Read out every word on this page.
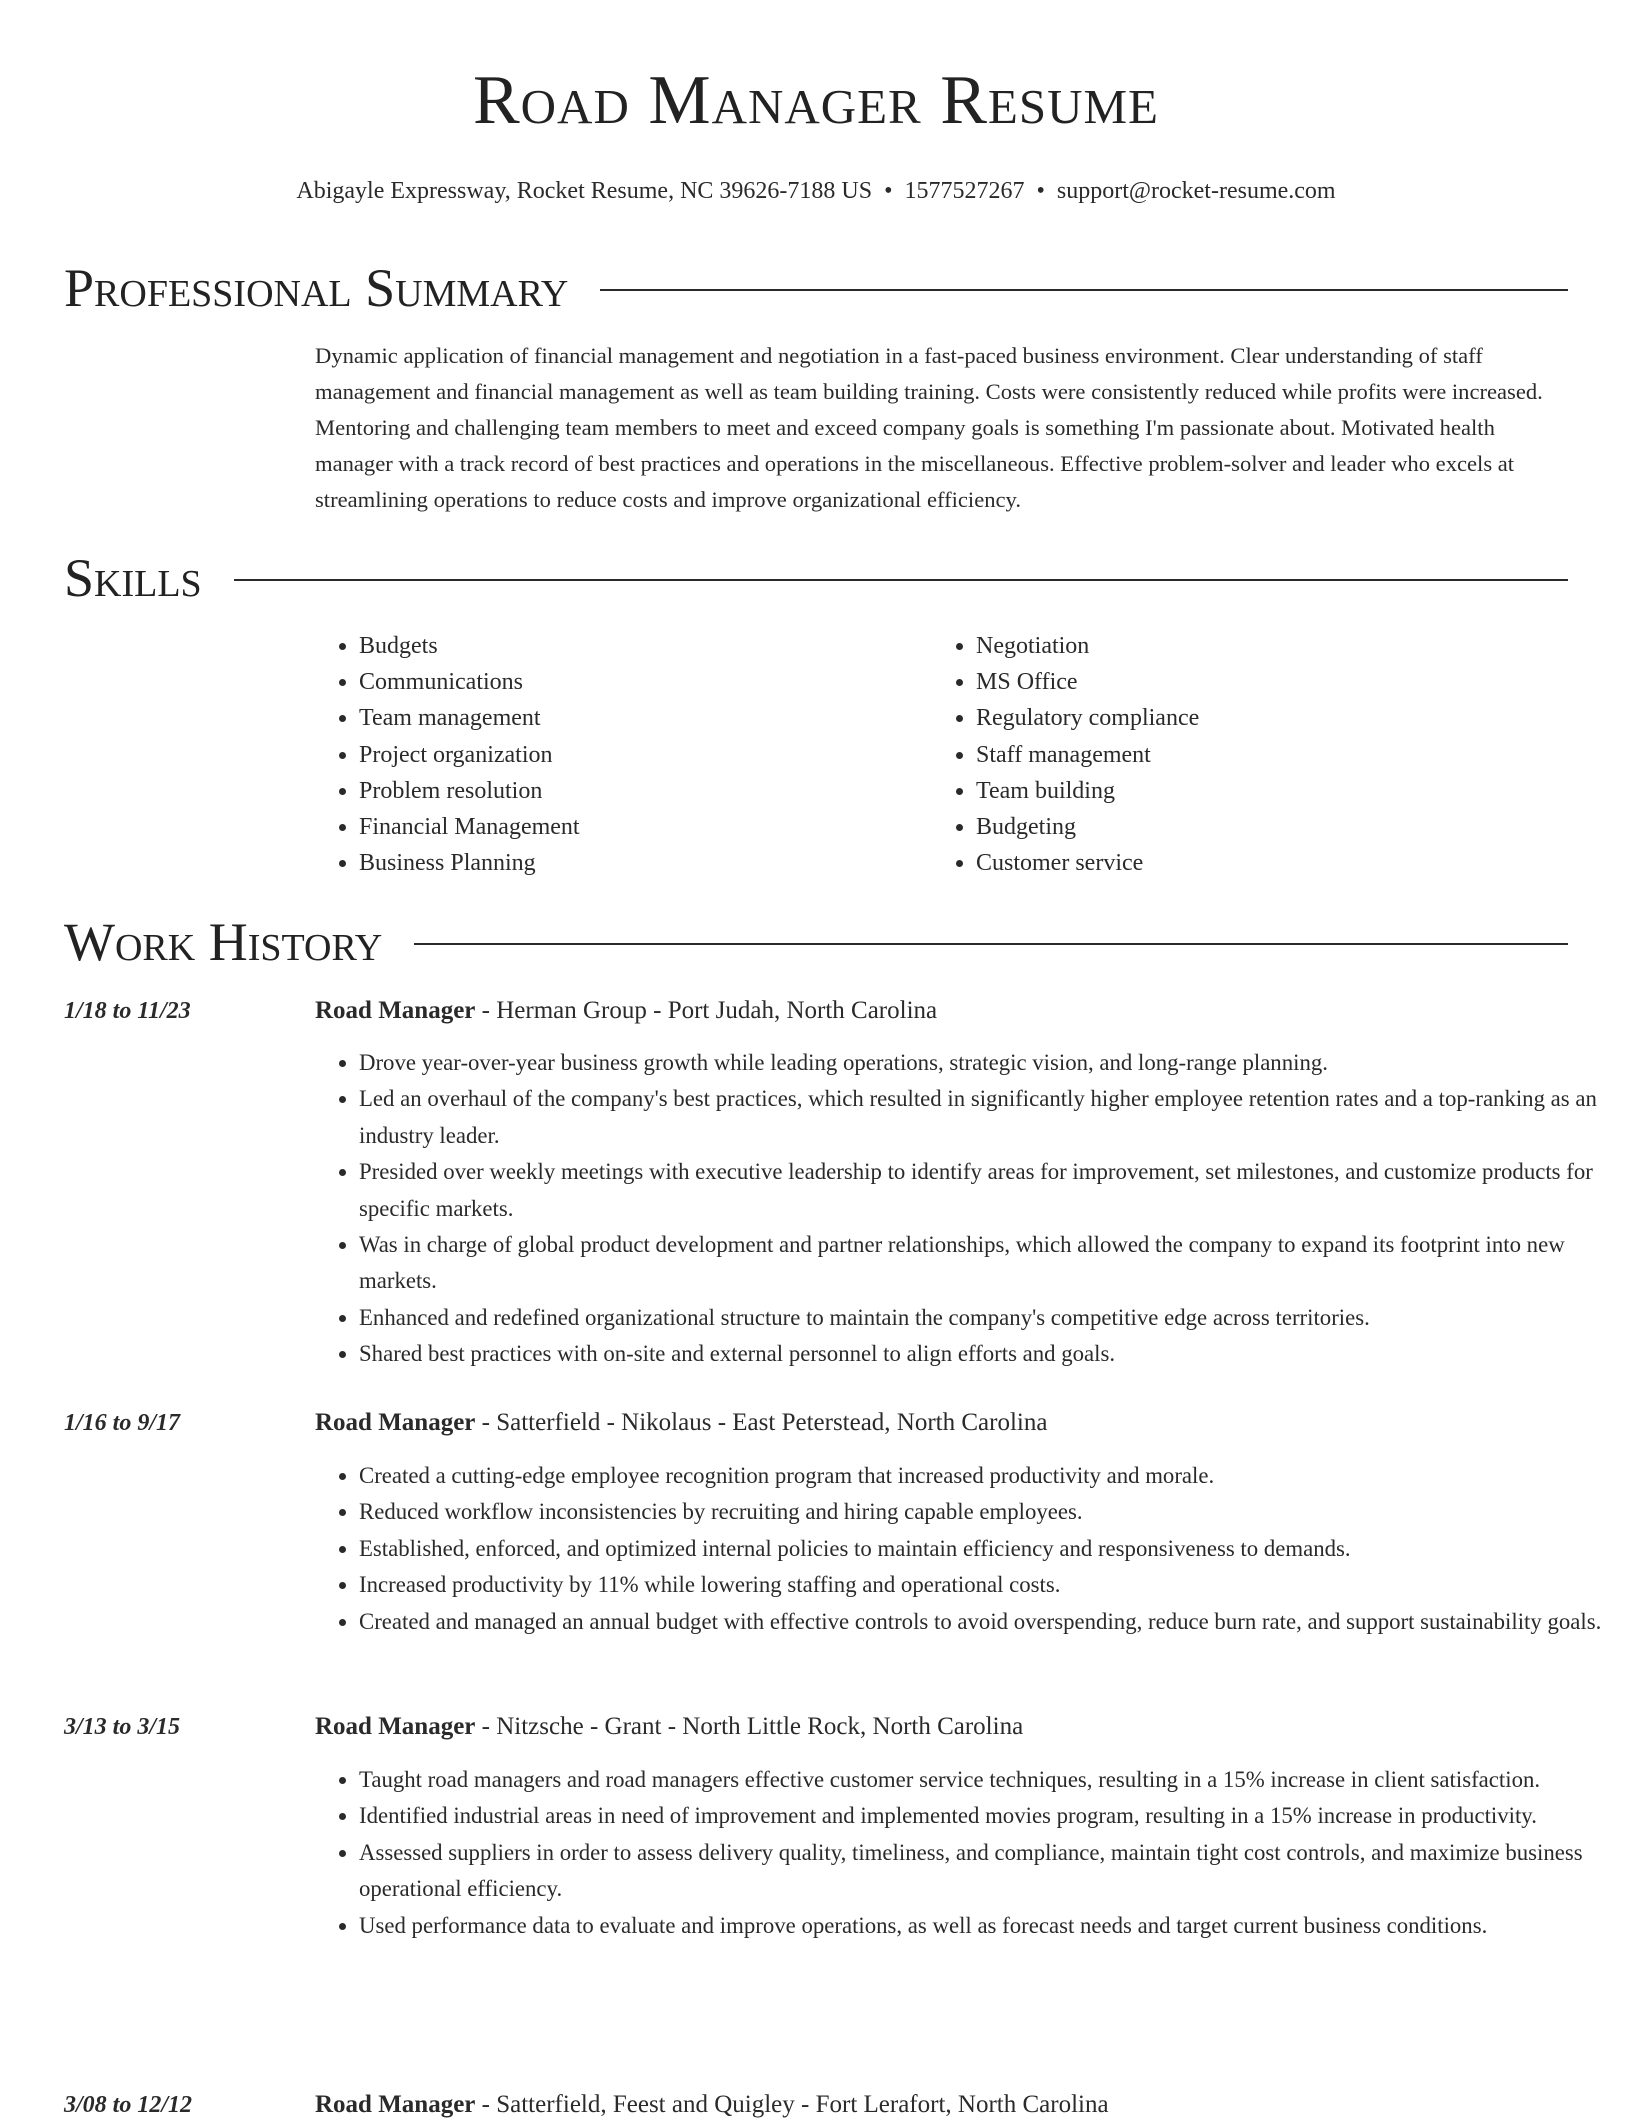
Road Manager Resume
Abigayle Expressway, Rocket Resume, NC 39626-7188 US • 1577527267 • support@rocket-resume.com
Professional Summary
Dynamic application of financial management and negotiation in a fast-paced business environment. Clear understanding of staff management and financial management as well as team building training. Costs were consistently reduced while profits were increased. Mentoring and challenging team members to meet and exceed company goals is something I'm passionate about. Motivated health manager with a track record of best practices and operations in the miscellaneous. Effective problem-solver and leader who excels at streamlining operations to reduce costs and improve organizational efficiency.
Skills
• Budgets
• Communications
• Team management
• Project organization
• Problem resolution
• Financial Management
• Business Planning
• Negotiation
• MS Office
• Regulatory compliance
• Staff management
• Team building
• Budgeting
• Customer service
Work History
1/18 to 11/23	Road Manager - Herman Group - Port Judah, North Carolina
• Drove year-over-year business growth while leading operations, strategic vision, and long-range planning.
• Led an overhaul of the company's best practices, which resulted in significantly higher employee retention rates and a top-ranking as an industry leader.
• Presided over weekly meetings with executive leadership to identify areas for improvement, set milestones, and customize products for specific markets.
• Was in charge of global product development and partner relationships, which allowed the company to expand its footprint into new markets.
• Enhanced and redefined organizational structure to maintain the company's competitive edge across territories.
• Shared best practices with on-site and external personnel to align efforts and goals.
1/16 to 9/17	Road Manager - Satterfield - Nikolaus - East Peterstead, North Carolina
• Created a cutting-edge employee recognition program that increased productivity and morale.
• Reduced workflow inconsistencies by recruiting and hiring capable employees.
• Established, enforced, and optimized internal policies to maintain efficiency and responsiveness to demands.
• Increased productivity by 11% while lowering staffing and operational costs.
• Created and managed an annual budget with effective controls to avoid overspending, reduce burn rate, and support sustainability goals.
3/13 to 3/15	Road Manager - Nitzsche - Grant - North Little Rock, North Carolina
• Taught road managers and road managers effective customer service techniques, resulting in a 15% increase in client satisfaction.
• Identified industrial areas in need of improvement and implemented movies program, resulting in a 15% increase in productivity.
• Assessed suppliers in order to assess delivery quality, timeliness, and compliance, maintain tight cost controls, and maximize business operational efficiency.
• Used performance data to evaluate and improve operations, as well as forecast needs and target current business conditions.
3/08 to 12/12	Road Manager - Satterfield, Feest and Quigley - Fort Lerafort, North Carolina
